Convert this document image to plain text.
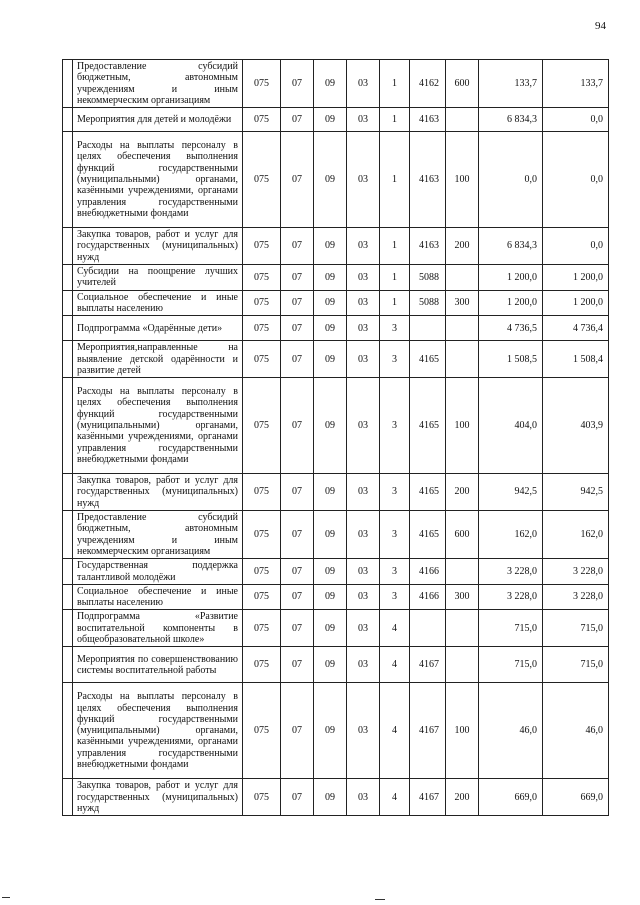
94
	Предоставление субсидий бюджетным, автономным учреждениям и иным некоммерческим организациям	075	07	09	03	1	4162	600	133,7	133,7
	Мероприятия для детей и молодёжи	075	07	09	03	1	4163		6 834,3	0,0
	Расходы на выплаты персоналу в целях обеспечения выполнения функций государственными (муниципальными) органами, казёнными учреждениями, органами управления государственными внебюджетными фондами	075	07	09	03	1	4163	100	0,0	0,0
	Закупка товаров, работ и услуг для государственных (муниципальных) нужд	075	07	09	03	1	4163	200	6 834,3	0,0
	Субсидии на поощрение лучших учителей	075	07	09	03	1	5088		1 200,0	1 200,0
	Социальное обеспечение и иные выплаты населению	075	07	09	03	1	5088	300	1 200,0	1 200,0
	Подпрограмма «Одарённые дети»	075	07	09	03	3			4 736,5	4 736,4
	Мероприятия,направленные на выявление детской одарённости и развитие детей	075	07	09	03	3	4165		1 508,5	1 508,4
	Расходы на выплаты персоналу в целях обеспечения выполнения функций государственными (муниципальными) органами, казёнными учреждениями, органами управления государственными внебюджетными фондами	075	07	09	03	3	4165	100	404,0	403,9
	Закупка товаров, работ и услуг для государственных (муниципальных) нужд	075	07	09	03	3	4165	200	942,5	942,5
	Предоставление субсидий бюджетным, автономным учреждениям и иным некоммерческим организациям	075	07	09	03	3	4165	600	162,0	162,0
	Государственная поддержка талантливой молодёжи	075	07	09	03	3	4166		3 228,0	3 228,0
	Социальное обеспечение и иные выплаты населению	075	07	09	03	3	4166	300	3 228,0	3 228,0
	Подпрограмма «Развитие воспитательной компоненты в общеобразовательной школе»	075	07	09	03	4			715,0	715,0
	Мероприятия по совершенствованию системы воспитательной работы	075	07	09	03	4	4167		715,0	715,0
	Расходы на выплаты персоналу в целях обеспечения выполнения функций государственными (муниципальными) органами, казёнными учреждениями, органами управления государственными внебюджетными фондами	075	07	09	03	4	4167	100	46,0	46,0
	Закупка товаров, работ и услуг для государственных (муниципальных) нужд	075	07	09	03	4	4167	200	669,0	669,0
